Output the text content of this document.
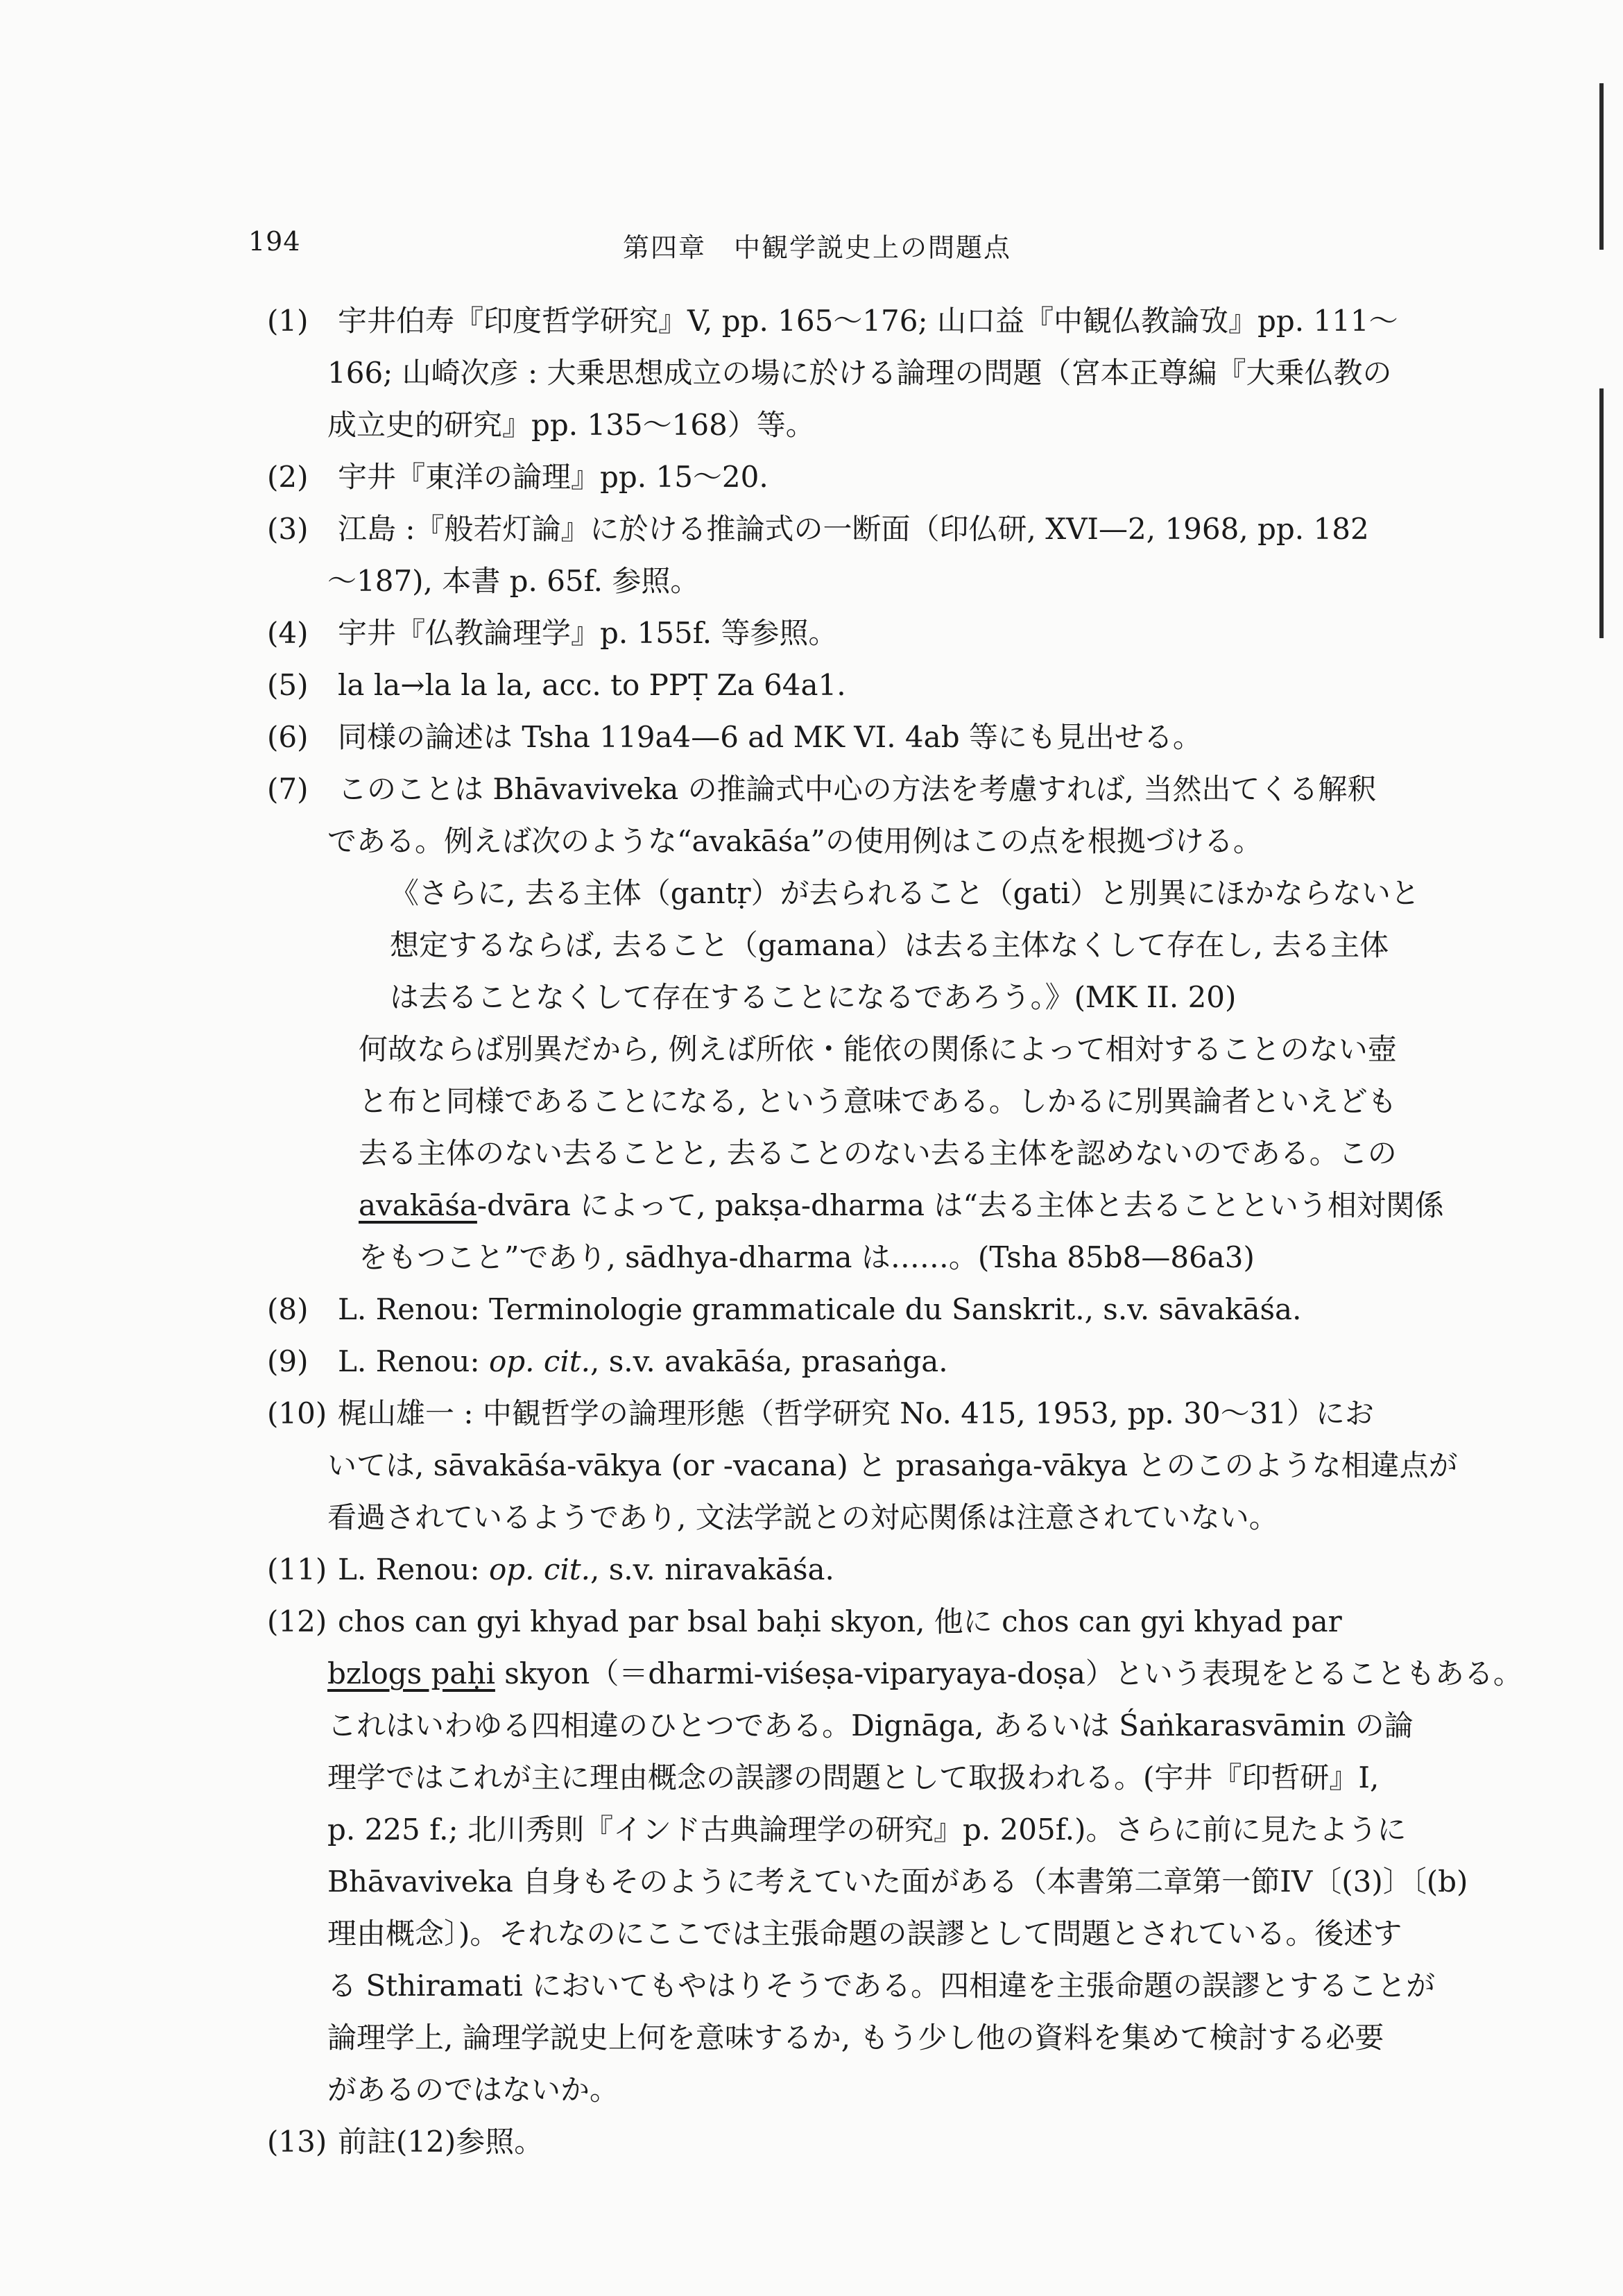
194	第四章　中観学説史上の問題点
(1)	宇井伯寿『印度哲学研究』V, pp. 165〜176; 山口益『中観仏教論攷』pp. 111〜
166; 山崎次彦 : 大乗思想成立の場に於ける論理の問題（宮本正尊編『大乗仏教の
成立史的研究』pp. 135〜168）等。
(2)	宇井『東洋の論理』pp. 15〜20.
(3)	江島 :『般若灯論』に於ける推論式の一断面（印仏研, XVI—2, 1968, pp. 182
〜187), 本書 p. 65f. 参照。
(4)	宇井『仏教論理学』p. 155f. 等参照。
(5)	la la→la la la, acc. to PPṬ Za 64a1.
(6)	同様の論述は Tsha 119a4—6 ad MK VI. 4ab 等にも見出せる。
(7)	このことは Bhāvaviveka の推論式中心の方法を考慮すれば, 当然出てくる解釈
である。例えば次のような“avakāśa”の使用例はこの点を根拠づける。
《さらに, 去る主体（gantṛ）が去られること（gati）と別異にほかならないと
想定するならば, 去ること（gamana）は去る主体なくして存在し, 去る主体
は去ることなくして存在することになるであろう。》(MK II. 20)
何故ならば別異だから, 例えば所依・能依の関係によって相対することのない壺
と布と同様であることになる, という意味である。しかるに別異論者といえども
去る主体のない去ることと, 去ることのない去る主体を認めないのである。この
avakāśa-dvāra によって, pakṣa-dharma は“去る主体と去ることという相対関係
をもつこと”であり, sādhya-dharma は……。(Tsha 85b8—86a3)
(8)	L. Renou: Terminologie grammaticale du Sanskrit., s.v. sāvakāśa.
(9)	L. Renou: op. cit., s.v. avakāśa, prasaṅga.
(10) 梶山雄一 : 中観哲学の論理形態（哲学研究 No. 415, 1953, pp. 30〜31）にお
いては, sāvakāśa-vākya (or -vacana) と prasaṅga-vākya とのこのような相違点が
看過されているようであり, 文法学説との対応関係は注意されていない。
(11) L. Renou: op. cit., s.v. niravakāśa.
(12) chos can gyi khyad par bsal baḥi skyon, 他に chos can gyi khyad par
bzlogs paḥi skyon（＝dharmi-viśeṣa-viparyaya-doṣa）という表現をとることもある。
これはいわゆる四相違のひとつである。Dignāga, あるいは Śaṅkarasvāmin の論
理学ではこれが主に理由概念の誤謬の問題として取扱われる。(宇井『印哲研』I,
p. 225 f.; 北川秀則『インド古典論理学の研究』p. 205f.)。さらに前に見たように
Bhāvaviveka 自身もそのように考えていた面がある（本書第二章第一節IV〔(3)〕〔(b)
理由概念〕)。それなのにここでは主張命題の誤謬として問題とされている。後述す
る Sthiramati においてもやはりそうである。四相違を主張命題の誤謬とすることが
論理学上, 論理学説史上何を意味するか, もう少し他の資料を集めて検討する必要
があるのではないか。
(13) 前註(12)参照。
